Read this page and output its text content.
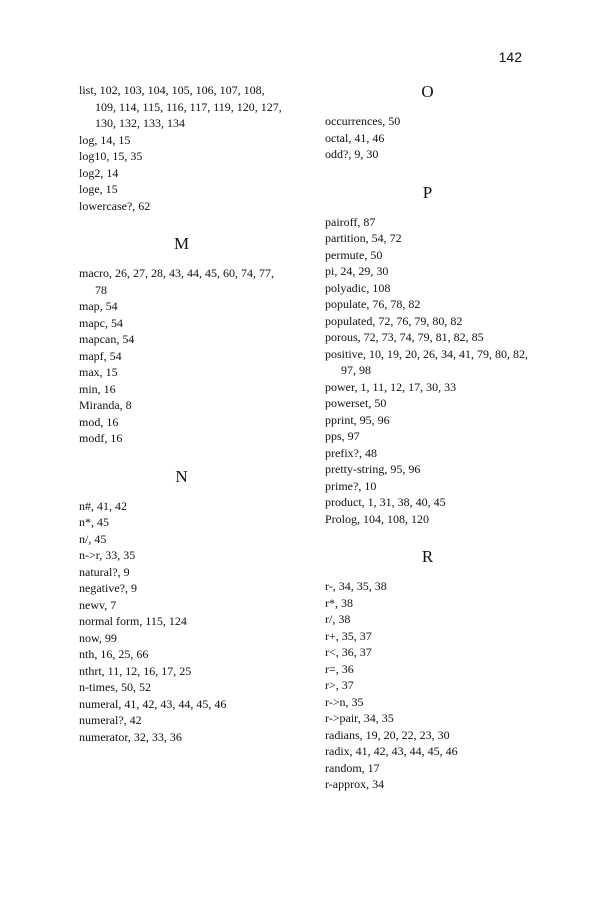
142
list, 102, 103, 104, 105, 106, 107, 108, 109, 114, 115, 116, 117, 119, 120, 127, 130, 132, 133, 134
log, 14, 15
log10, 15, 35
log2, 14
loge, 15
lowercase?, 62
M
macro, 26, 27, 28, 43, 44, 45, 60, 74, 77, 78
map, 54
mapc, 54
mapcan, 54
mapf, 54
max, 15
min, 16
Miranda, 8
mod, 16
modf, 16
N
n#, 41, 42
n*, 45
n/, 45
n->r, 33, 35
natural?, 9
negative?, 9
newv, 7
normal form, 115, 124
now, 99
nth, 16, 25, 66
nthrt, 11, 12, 16, 17, 25
n-times, 50, 52
numeral, 41, 42, 43, 44, 45, 46
numeral?, 42
numerator, 32, 33, 36
O
occurrences, 50
octal, 41, 46
odd?, 9, 30
P
pairoff, 87
partition, 54, 72
permute, 50
pi, 24, 29, 30
polyadic, 108
populate, 76, 78, 82
populated, 72, 76, 79, 80, 82
porous, 72, 73, 74, 79, 81, 82, 85
positive, 10, 19, 20, 26, 34, 41, 79, 80, 82, 97, 98
power, 1, 11, 12, 17, 30, 33
powerset, 50
pprint, 95, 96
pps, 97
prefix?, 48
pretty-string, 95, 96
prime?, 10
product, 1, 31, 38, 40, 45
Prolog, 104, 108, 120
R
r-, 34, 35, 38
r*, 38
r/, 38
r+, 35, 37
r<, 36, 37
r=, 36
r>, 37
r->n, 35
r->pair, 34, 35
radians, 19, 20, 22, 23, 30
radix, 41, 42, 43, 44, 45, 46
random, 17
r-approx, 34
